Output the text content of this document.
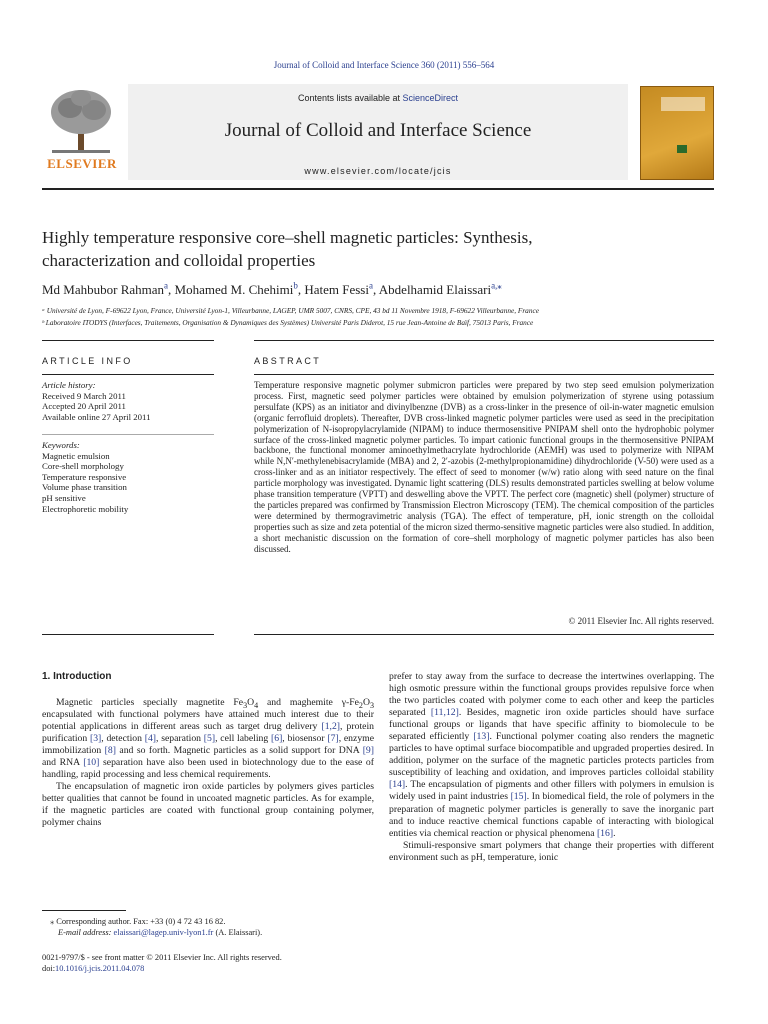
Journal of Colloid and Interface Science 360 (2011) 556–564
ELSEVIER
Contents lists available at ScienceDirect
Journal of Colloid and Interface Science
www.elsevier.com/locate/jcis
Highly temperature responsive core–shell magnetic particles: Synthesis,
characterization and colloidal properties
Md Mahbubor Rahman$^a$, Mohamed M. Chehimi$^b$, Hatem Fessi$^a$, Abdelhamid Elaissari$^{a,⁎}$
ᵃ Université de Lyon, F-69622 Lyon, France, Université Lyon-1, Villeurbanne, LAGEP, UMR 5007, CNRS, CPE, 43 bd 11 Novembre 1918, F-69622 Villeurbanne, France
ᵇ Laboratoire ITODYS (Interfaces, Traitements, Organisation & Dynamiques des Systèmes) Université Paris Diderot, 15 rue Jean-Antoine de Baïf, 75013 Paris, France
ARTICLE INFO	ABSTRACT
Article history:
Received 9 March 2011
Accepted 20 April 2011
Available online 27 April 2011
Keywords:
Magnetic emulsion
Core-shell morphology
Temperature responsive
Volume phase transition
pH sensitive
Electrophoretic mobility
Temperature responsive magnetic polymer submicron particles were prepared by two step seed emulsion polymerization process. First, magnetic seed polymer particles were obtained by emulsion polymerization of styrene using potassium persulfate (KPS) as an initiator and divinylbenzne (DVB) as a cross-linker in the presence of oil-in-water magnetic emulsion (organic ferrofluid droplets). Thereafter, DVB cross-linked magnetic polymer particles were used as seed in the precipitation polymerization of N-isopropylacrylamide (NIPAM) to induce thermosensitive PNIPAM shell onto the hydrophobic polymer surface of the cross-linked magnetic polymer particles. To impart cationic functional groups in the thermosensitive PNIPAM backbone, the functional monomer aminoethylmethacrylate hydrochloride (AEMH) was used to polymerize with NIPAM while N,N′-methylenebisacrylamide (MBA) and 2, 2′-azobis (2-methylpropionamidine) dihydrochloride (V-50) were used as a cross-linker and as an initiator respectively. The effect of seed to monomer (w/w) ratio along with seed nature on the final particle morphology was investigated. Dynamic light scattering (DLS) results demonstrated particles swelling at below volume phase transition temperature (VPTT) and deswelling above the VPTT. The perfect core (magnetic) shell (polymer) structure of the particles prepared was confirmed by Transmission Electron Microscopy (TEM). The chemical composition of the particles were determined by thermogravimetric analysis (TGA). The effect of temperature, pH, ionic strength on the colloidal properties such as size and zeta potential of the micron sized thermo-sensitive magnetic particles were also studied. In addition, a short mechanistic discussion on the formation of core–shell morphology of magnetic polymer particles has also been discussed.
© 2011 Elsevier Inc. All rights reserved.
1. Introduction

Magnetic particles specially magnetite $Fe_3O_4$ and maghemite $\gamma-Fe_2O_3$ encapsulated with functional polymers have attained much interest due to their potential applications in different areas such as target drug delivery [1,2], protein purification [3], detection [4], separation [5], cell labeling [6], biosensor [7], enzyme immobilization [8] and so forth. Magnetic particles as a solid support for DNA [9] and RNA [10] separation have also been used in biotechnology due to the ease of handling, rapid processing and less chemical requirements.

The encapsulation of magnetic iron oxide particles by polymers gives particles better qualities that cannot be found in uncoated magnetic particles. As for example, if the magnetic particles are coated with functional group containing polymer, polymer chains

prefer to stay away from the surface to decrease the intertwines overlapping. The high osmotic pressure within the functional groups provides repulsive force when the two particles coated with polymer come to each other and keep the particles separated [11,12]. Besides, magnetic iron oxide particles should have surface functional groups or ligands that have specific affinity to biomolecule to be separated efficiently [13]. Functional polymer coating also renders the magnetic particles to have optimal surface biocompatible and upgraded properties desired. In addition, polymer on the surface of the magnetic particles protects particles from susceptibility of leaching and oxidation, and improves particles colloidal stability [14]. The encapsulation of pigments and other fillers with polymers in emulsion is widely used in paint industries [15]. In biomedical field, the role of polymers in the preparation of magnetic polymer particles is generally to save the inorganic part and to induce reactive chemical functions capable of interacting with biological entities via chemical reaction or physical phenomena [16].

Stimuli-responsive smart polymers that change their properties with different environment such as pH, temperature, ionic

⁎ Corresponding author. Fax: +33 (0) 4 72 43 16 82.
E-mail address: elaissari@lagep.univ-lyon1.fr (A. Elaissari).
0021-9797/$ - see front matter © 2011 Elsevier Inc. All rights reserved.
doi:10.1016/j.jcis.2011.04.078
